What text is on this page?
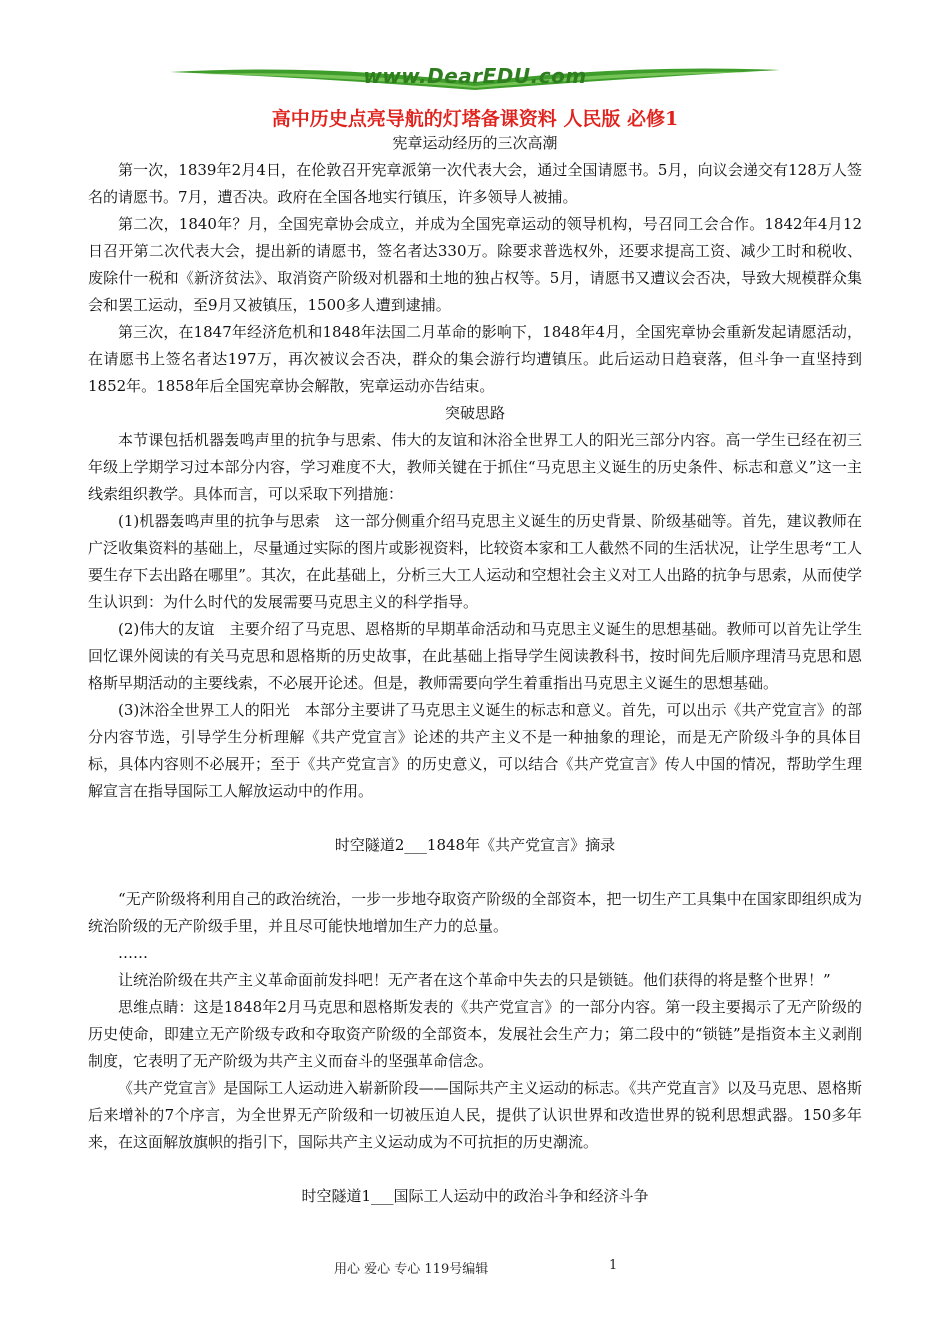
www.DearEDU.com
高中历史点亮导航的灯塔备课资料 人民版 必修1

宪章运动经历的三次高潮

第一次，1839年2月4日，在伦敦召开宪章派第一次代表大会，通过全国请愿书。5月，向议会递交有128万人签名的请愿书。7月，遭否决。政府在全国各地实行镇压，许多领导人被捕。

第二次，1840年？月，全国宪章协会成立，并成为全国宪章运动的领导机构，号召同工会合作。1842年4月12日召开第二次代表大会，提出新的请愿书，签名者达330万。除要求普选权外，还要求提高工资、减少工时和税收、废除什一税和《新济贫法》、取消资产阶级对机器和土地的独占权等。5月，请愿书又遭议会否决，导致大规模群众集会和罢工运动，至9月又被镇压，1500多人遭到逮捕。

第三次，在1847年经济危机和1848年法国二月革命的影响下，1848年4月，全国宪章协会重新发起请愿活动，在请愿书上签名者达197万，再次被议会否决，群众的集会游行均遭镇压。此后运动日趋衰落，但斗争一直坚持到1852年。1858年后全国宪章协会解散，宪章运动亦告结束。

突破思路

本节课包括机器轰鸣声里的抗争与思索、伟大的友谊和沐浴全世界工人的阳光三部分内容。高一学生已经在初三年级上学期学习过本部分内容，学习难度不大，教师关键在于抓住“马克思主义诞生的历史条件、标志和意义”这一主线索组织教学。具体而言，可以采取下列措施：

(1)机器轰鸣声里的抗争与思索　这一部分侧重介绍马克思主义诞生的历史背景、阶级基础等。首先，建议教师在广泛收集资料的基础上，尽量通过实际的图片或影视资料，比较资本家和工人截然不同的生活状况，让学生思考“工人要生存下去出路在哪里”。其次，在此基础上，分析三大工人运动和空想社会主义对工人出路的抗争与思索，从而使学生认识到：为什么时代的发展需要马克思主义的科学指导。

(2)伟大的友谊　主要介绍了马克思、恩格斯的早期革命活动和马克思主义诞生的思想基础。教师可以首先让学生回忆课外阅读的有关马克思和恩格斯的历史故事，在此基础上指导学生阅读教科书，按时间先后顺序理清马克思和恩格斯早期活动的主要线索，不必展开论述。但是，教师需要向学生着重指出马克思主义诞生的思想基础。

(3)沐浴全世界工人的阳光　本部分主要讲了马克思主义诞生的标志和意义。首先，可以出示《共产党宣言》的部分内容节选，引导学生分析理解《共产党宣言》论述的共产主义不是一种抽象的理论，而是无产阶级斗争的具体目标，具体内容则不必展开；至于《共产党宣言》的历史意义，可以结合《共产党宣言》传人中国的情况，帮助学生理解宣言在指导国际工人解放运动中的作用。

时空隧道2___1848年《共产党宣言》摘录

“无产阶级将利用自己的政治统治，一步一步地夺取资产阶级的全部资本，把一切生产工具集中在国家即组织成为统治阶级的无产阶级手里，并且尽可能快地增加生产力的总量。

……

让统治阶级在共产主义革命面前发抖吧！无产者在这个革命中失去的只是锁链。他们获得的将是整个世界！”

思维点睛：这是1848年2月马克思和恩格斯发表的《共产党宣言》的一部分内容。第一段主要揭示了无产阶级的历史使命，即建立无产阶级专政和夺取资产阶级的全部资本，发展社会生产力；第二段中的“锁链”是指资本主义剥削制度，它表明了无产阶级为共产主义而奋斗的坚强革命信念。

《共产党宣言》是国际工人运动进入崭新阶段——国际共产主义运动的标志。《共产党直言》以及马克思、恩格斯后来增补的7个序言，为全世界无产阶级和一切被压迫人民，提供了认识世界和改造世界的锐利思想武器。150多年来，在这面解放旗帜的指引下，国际共产主义运动成为不可抗拒的历史潮流。

时空隧道1___国际工人运动中的政治斗争和经济斗争

用心 爱心 专心 119号编辑	1
